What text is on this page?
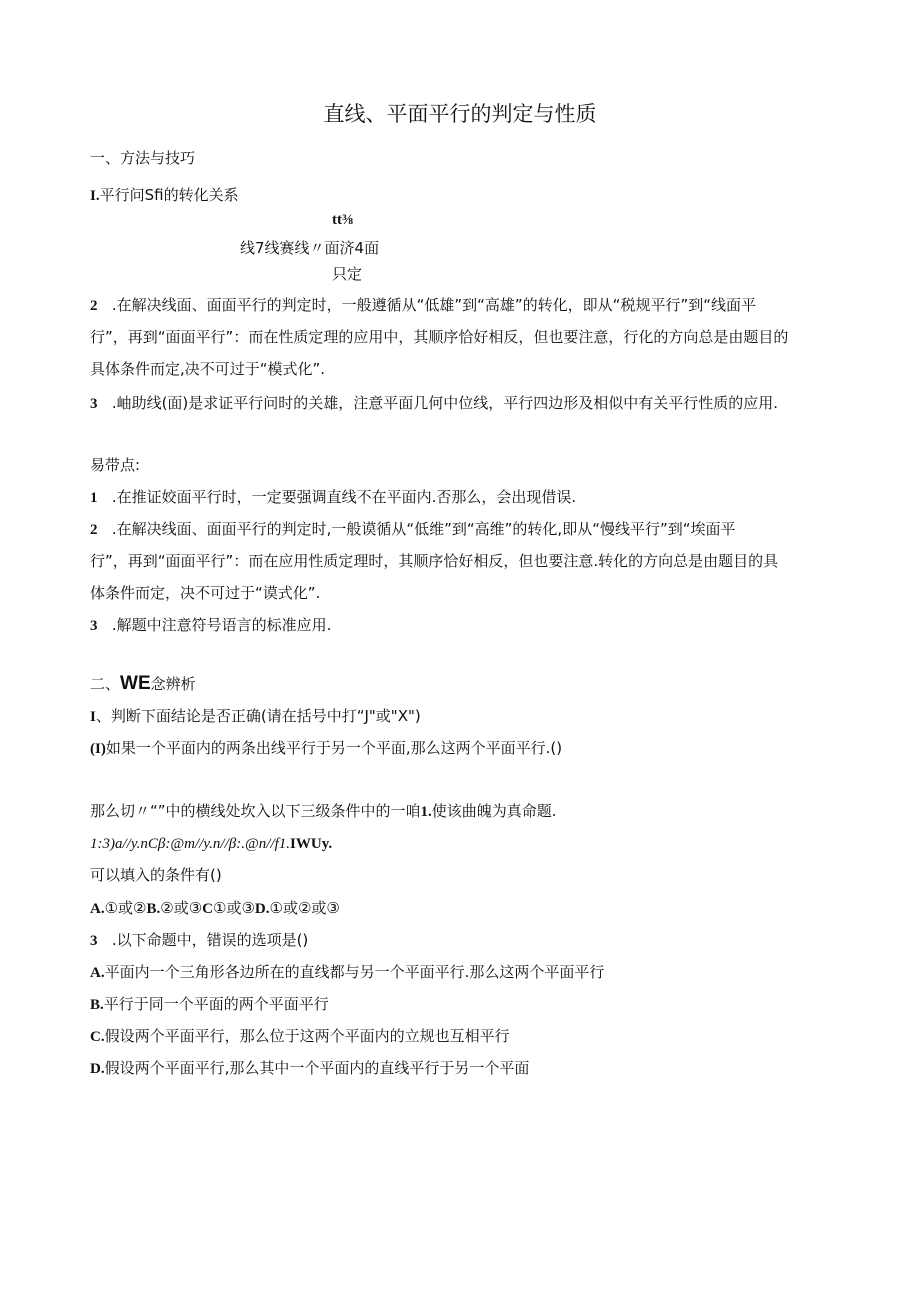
直线、平面平行的判定与性质
一、方法与技巧
I.平行问Sfi的转化关系
tt⅜
线7线赛线〃面济4面
只定
2 .在解决线面、面面平行的判定时，一般遵循从“低雄”到“高雄”的转化，即从“税规平行”到“线面平
行”，再到“面面平行”：而在性质定理的应用中，其顺序恰好相反，但也要注意，行化的方向总是由题目的
具体条件而定,决不可过于“模式化”.
3 .岫助线(面)是求证平行问时的关雄，注意平面几何中位线，平行四边形及相似中有关平行性质的应用.
易带点:
1 .在推证姣面平行时，一定要强调直线不在平面内.否那么，会出现借误.
2 .在解决线面、面面平行的判定时,一般谟循从“低维”到“高维”的转化,即从“慢线平行”到“埃面平
行”，再到“面面平行”：而在应用性质定理时，其顺序恰好相反，但也要注意.转化的方向总是由题目的具
体条件而定，决不可过于“谟式化”.
3 .解题中注意符号语言的标准应用.
二、WE念辨析
I、判断下面结论是否正确(请在括号中打“J"或"X")
(I)如果一个平面内的两条出线平行于另一个平面,那么这两个平面平行.()
那么切〃“”中的横线处坎入以下三级条件中的一咱1.使该曲魄为真命题.
1:3)a//y.nCβ:@m//y.n//β:.@n//f1.IWUy.
可以填入的条件有()
A.①或②B.②或③C①或③D.①或②或③
3 .以下命题中，错误的选项是()
A.平面内一个三角形各边所在的直线都与另一个平面平行.那么这两个平面平行
B.平行于同一个平面的两个平面平行
C.假设两个平面平行，那么位于这两个平面内的立规也互相平行
D.假设两个平面平行,那么其中一个平面内的直线平行于另一个平面
